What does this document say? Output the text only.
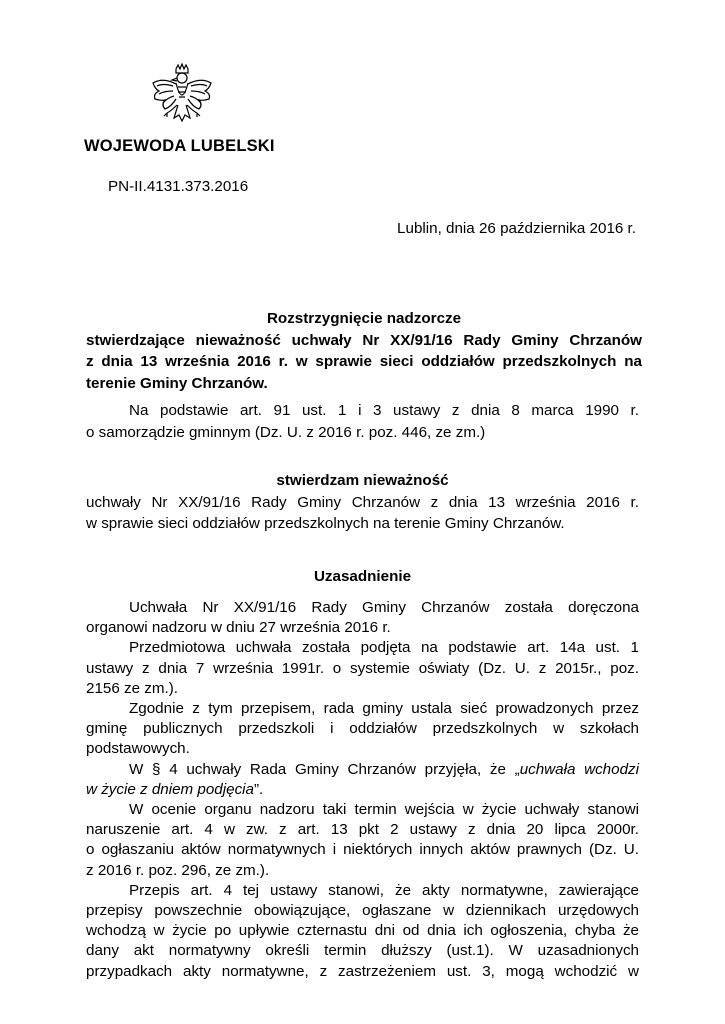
WOJEWODA LUBELSKI
PN-II.4131.373.2016
Lublin, dnia 26 października 2016 r.
Rozstrzygnięcie nadzorcze
stwierdzające nieważność uchwały Nr XX/91/16 Rady Gminy Chrzanów
z dnia 13 września 2016 r. w sprawie sieci oddziałów przedszkolnych na
terenie Gminy Chrzanów.
Na podstawie art. 91 ust. 1 i 3 ustawy z dnia 8 marca 1990 r.
o samorządzie gminnym (Dz. U. z 2016 r. poz. 446, ze zm.)
stwierdzam nieważność
uchwały Nr XX/91/16 Rady Gminy Chrzanów z dnia 13 września 2016 r.
w sprawie sieci oddziałów przedszkolnych na terenie Gminy Chrzanów.
Uzasadnienie
Uchwała Nr XX/91/16 Rady Gminy Chrzanów została doręczona
organowi nadzoru w dniu 27 września 2016 r.
Przedmiotowa uchwała została podjęta na podstawie art. 14a ust. 1
ustawy z dnia 7 września 1991r. o systemie oświaty (Dz. U. z 2015r., poz.
2156 ze zm.).
Zgodnie z tym przepisem, rada gminy ustala sieć prowadzonych przez
gminę publicznych przedszkoli i oddziałów przedszkolnych w szkołach
podstawowych.
W § 4 uchwały Rada Gminy Chrzanów przyjęła, że „uchwała wchodzi
w życie z dniem podjęcia”.
W ocenie organu nadzoru taki termin wejścia w życie uchwały stanowi
naruszenie art. 4 w zw. z art. 13 pkt 2 ustawy z dnia 20 lipca 2000r.
o ogłaszaniu aktów normatywnych i niektórych innych aktów prawnych (Dz. U.
z 2016 r. poz. 296, ze zm.).
Przepis art. 4 tej ustawy stanowi, że akty normatywne, zawierające
przepisy powszechnie obowiązujące, ogłaszane w dziennikach urzędowych
wchodzą w życie po upływie czternastu dni od dnia ich ogłoszenia, chyba że
dany akt normatywny określi termin dłuższy (ust.1). W uzasadnionych
przypadkach akty normatywne, z zastrzeżeniem ust. 3, mogą wchodzić w
